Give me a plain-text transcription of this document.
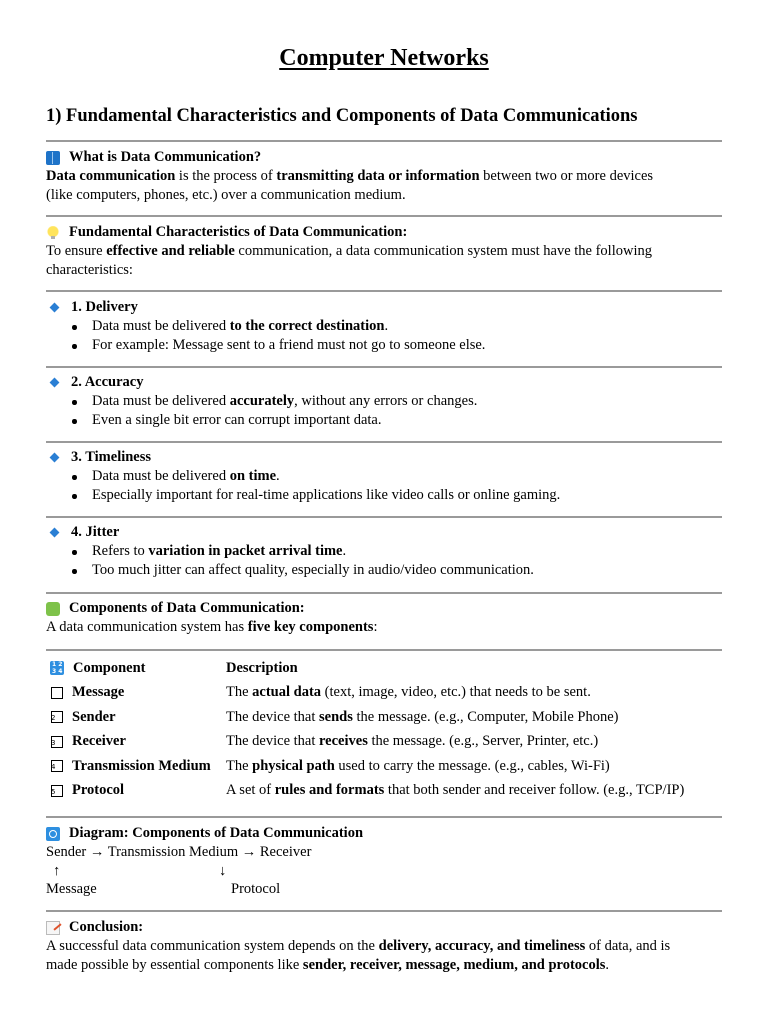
Computer Networks
1) Fundamental Characteristics and Components of Data Communications
What is Data Communication?

Data communication is the process of transmitting data or information between two or more devices

(like computers, phones, etc.) over a communication medium.

Fundamental Characteristics of Data Communication:

To ensure effective and reliable communication, a data communication system must have the following

characteristics:

1. Delivery
Data must be delivered to the correct destination.
For example: Message sent to a friend must not go to someone else.
2. Accuracy
Data must be delivered accurately, without any errors or changes.
Even a single bit error can corrupt important data.
3. Timeliness
Data must be delivered on time.
Especially important for real-time applications like video calls or online gaming.
4. Jitter
Refers to variation in packet arrival time.
Too much jitter can affect quality, especially in audio/video communication.
Components of Data Communication:

A data communication system has five key components:

1 2 3 4
Component	Description

Message	The actual data (text, image, video, etc.) that needs to be sent.

2 Sender	The device that sends the message. (e.g., Computer, Mobile Phone)

3 Receiver	The device that receives the message. (e.g., Server, Printer, etc.)

4 Transmission Medium	The physical path used to carry the message. (e.g., cables, Wi-Fi)

5 Protocol	A set of rules and formats that both sender and receiver follow. (e.g., TCP/IP)
Diagram: Components of Data Communication

Sender → Transmission Medium → Receiver

↑	↓
Message	Protocol
Conclusion:

A successful data communication system depends on the delivery, accuracy, and timeliness of data, and is

made possible by essential components like sender, receiver, message, medium, and protocols.
